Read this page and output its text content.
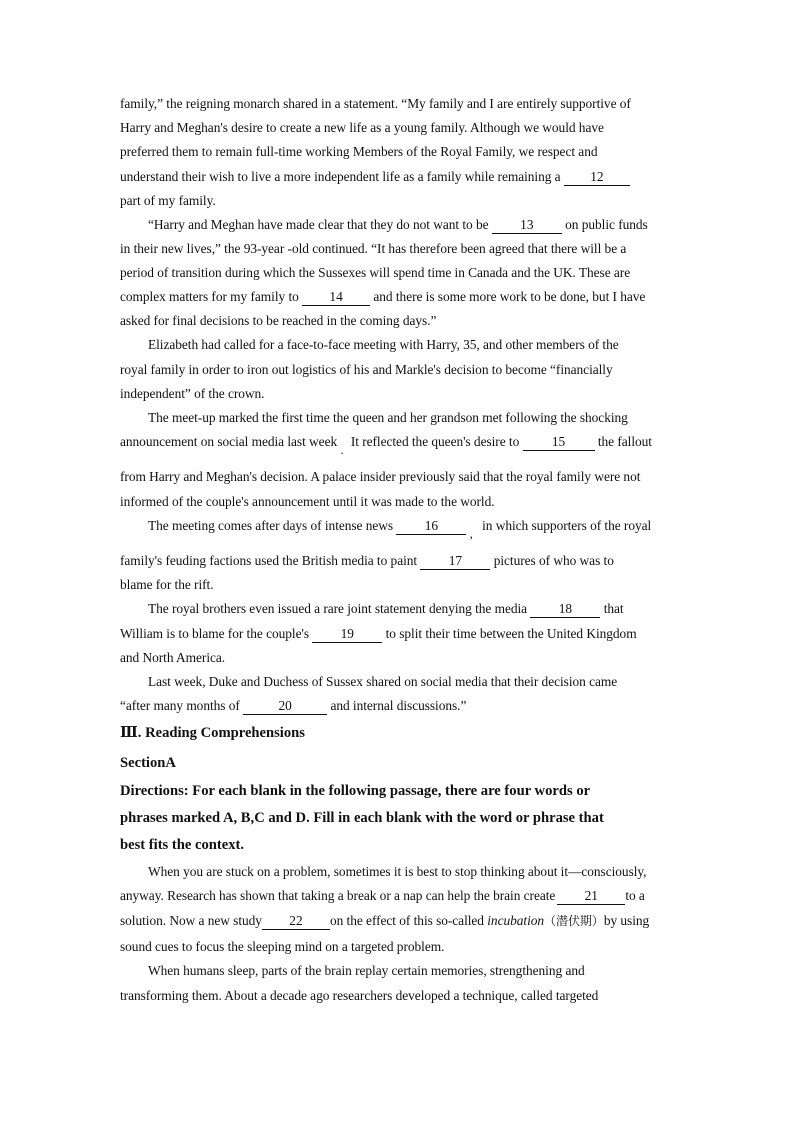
family,” the reigning monarch shared in a statement. “My family and I are entirely supportive of
Harry and Meghan's desire to create a new life as a young family. Although we would have
preferred them to remain full-time working Members of the Royal Family, we respect and
understand their wish to live a more independent life as a family while remaining a 12
part of my family.
“Harry and Meghan have made clear that they do not want to be 13 on public funds
in their new lives,” the 93-year -old continued. “It has therefore been agreed that there will be a
period of transition during which the Sussexes will spend time in Canada and the UK. These are
complex matters for my family to 14 and there is some more work to be done, but I have
asked for final decisions to be reached in the coming days.”
Elizabeth had called for a face-to-face meeting with Harry, 35, and other members of the
royal family in order to iron out logistics of his and Markle's decision to become “financially
independent” of the crown.
The meet-up marked the first time the queen and her grandson met following the shocking
announcement on social media last week . It reflected the queen's desire to 15 the fallout
from Harry and Meghan's decision. A palace insider previously said that the royal family were not
informed of the couple's announcement until it was made to the world.
The meeting comes after days of intense news 16 , in which supporters of the royal
family's feuding factions used the British media to paint 17 pictures of who was to
blame for the rift.
The royal brothers even issued a rare joint statement denying the media 18 that
William is to blame for the couple's 19 to split their time between the United Kingdom
and North America.
Last week, Duke and Duchess of Sussex shared on social media that their decision came
“after many months of	20	and internal discussions.”
Ⅲ. Reading Comprehensions
SectionA
Directions: For each blank in the following passage, there are four words or
phrases marked A, B,C and D. Fill in each blank with the word or phrase that
best fits the context.
When you are stuck on a problem, sometimes it is best to stop thinking about it—consciously,
anyway. Research has shown that taking a break or a nap can help the brain create 21 to a
solution. Now a new study 22 on the effect of this so-called incubation（潜伏期）by using
sound cues to focus the sleeping mind on a targeted problem.
When humans sleep, parts of the brain replay certain memories, strengthening and
transforming them. About a decade ago researchers developed a technique, called targeted
